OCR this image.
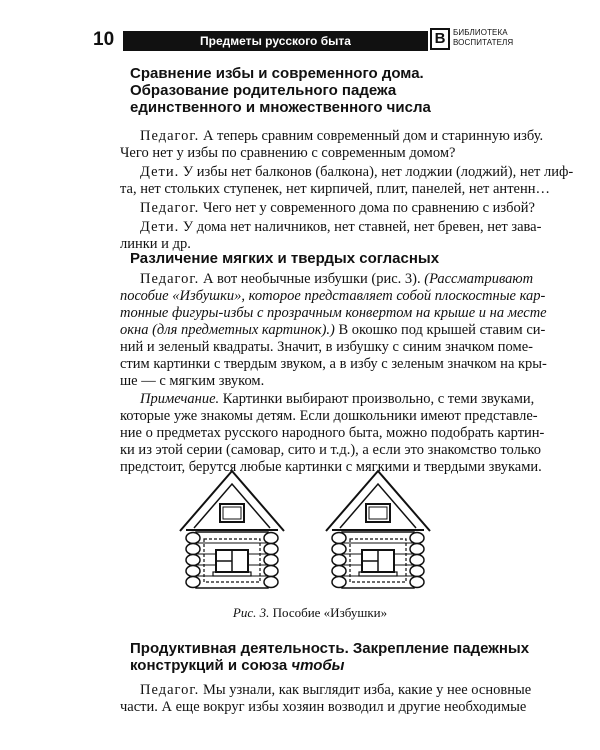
10	Предметы русского быта	В БИБЛИОТЕКА
ВОСПИТАТЕЛЯ
Сравнение избы и современного дома.
Образование родительного падежа
единственного и множественного числа
Педагог. А теперь сравним современный дом и старинную избу.
Чего нет у избы по сравнению с современным домом?
Дети. У избы нет балконов (балкона), нет лоджии (лоджий), нет лиф-
та, нет стольких ступенек, нет кирпичей, плит, панелей, нет антенн…
Педагог. Чего нет у современного дома по сравнению с избой?
Дети. У дома нет наличников, нет ставней, нет бревен, нет зава-
линки и др.
Различение мягких и твердых согласных
Педагог. А вот необычные избушки (рис. 3). (Рассматривают
пособие «Избушки», которое представляет собой плоскостные кар-
тонные фигуры-избы с прозрачным конвертом на крыше и на месте
окна (для предметных картинок).) В окошко под крышей ставим си-
ний и зеленый квадраты. Значит, в избушку с синим значком поме-
стим картинки с твердым звуком, а в избу с зеленым значком на кры-
ше — с мягким звуком.
Примечание. Картинки выбирают произвольно, с теми звуками,
которые уже знакомы детям. Если дошкольники имеют представле-
ние о предметах русского народного быта, можно подобрать картин-
ки из этой серии (самовар, сито и т.д.), а если это знакомство только
предстоит, берутся любые картинки с мягкими и твердыми звуками.
Рис. 3. Пособие «Избушки»
Продуктивная деятельность. Закрепление падежных
конструкций и союза чтобы
Педагог. Мы узнали, как выглядит изба, какие у нее основные
части. А еще вокруг избы хозяин возводил и другие необходимые
